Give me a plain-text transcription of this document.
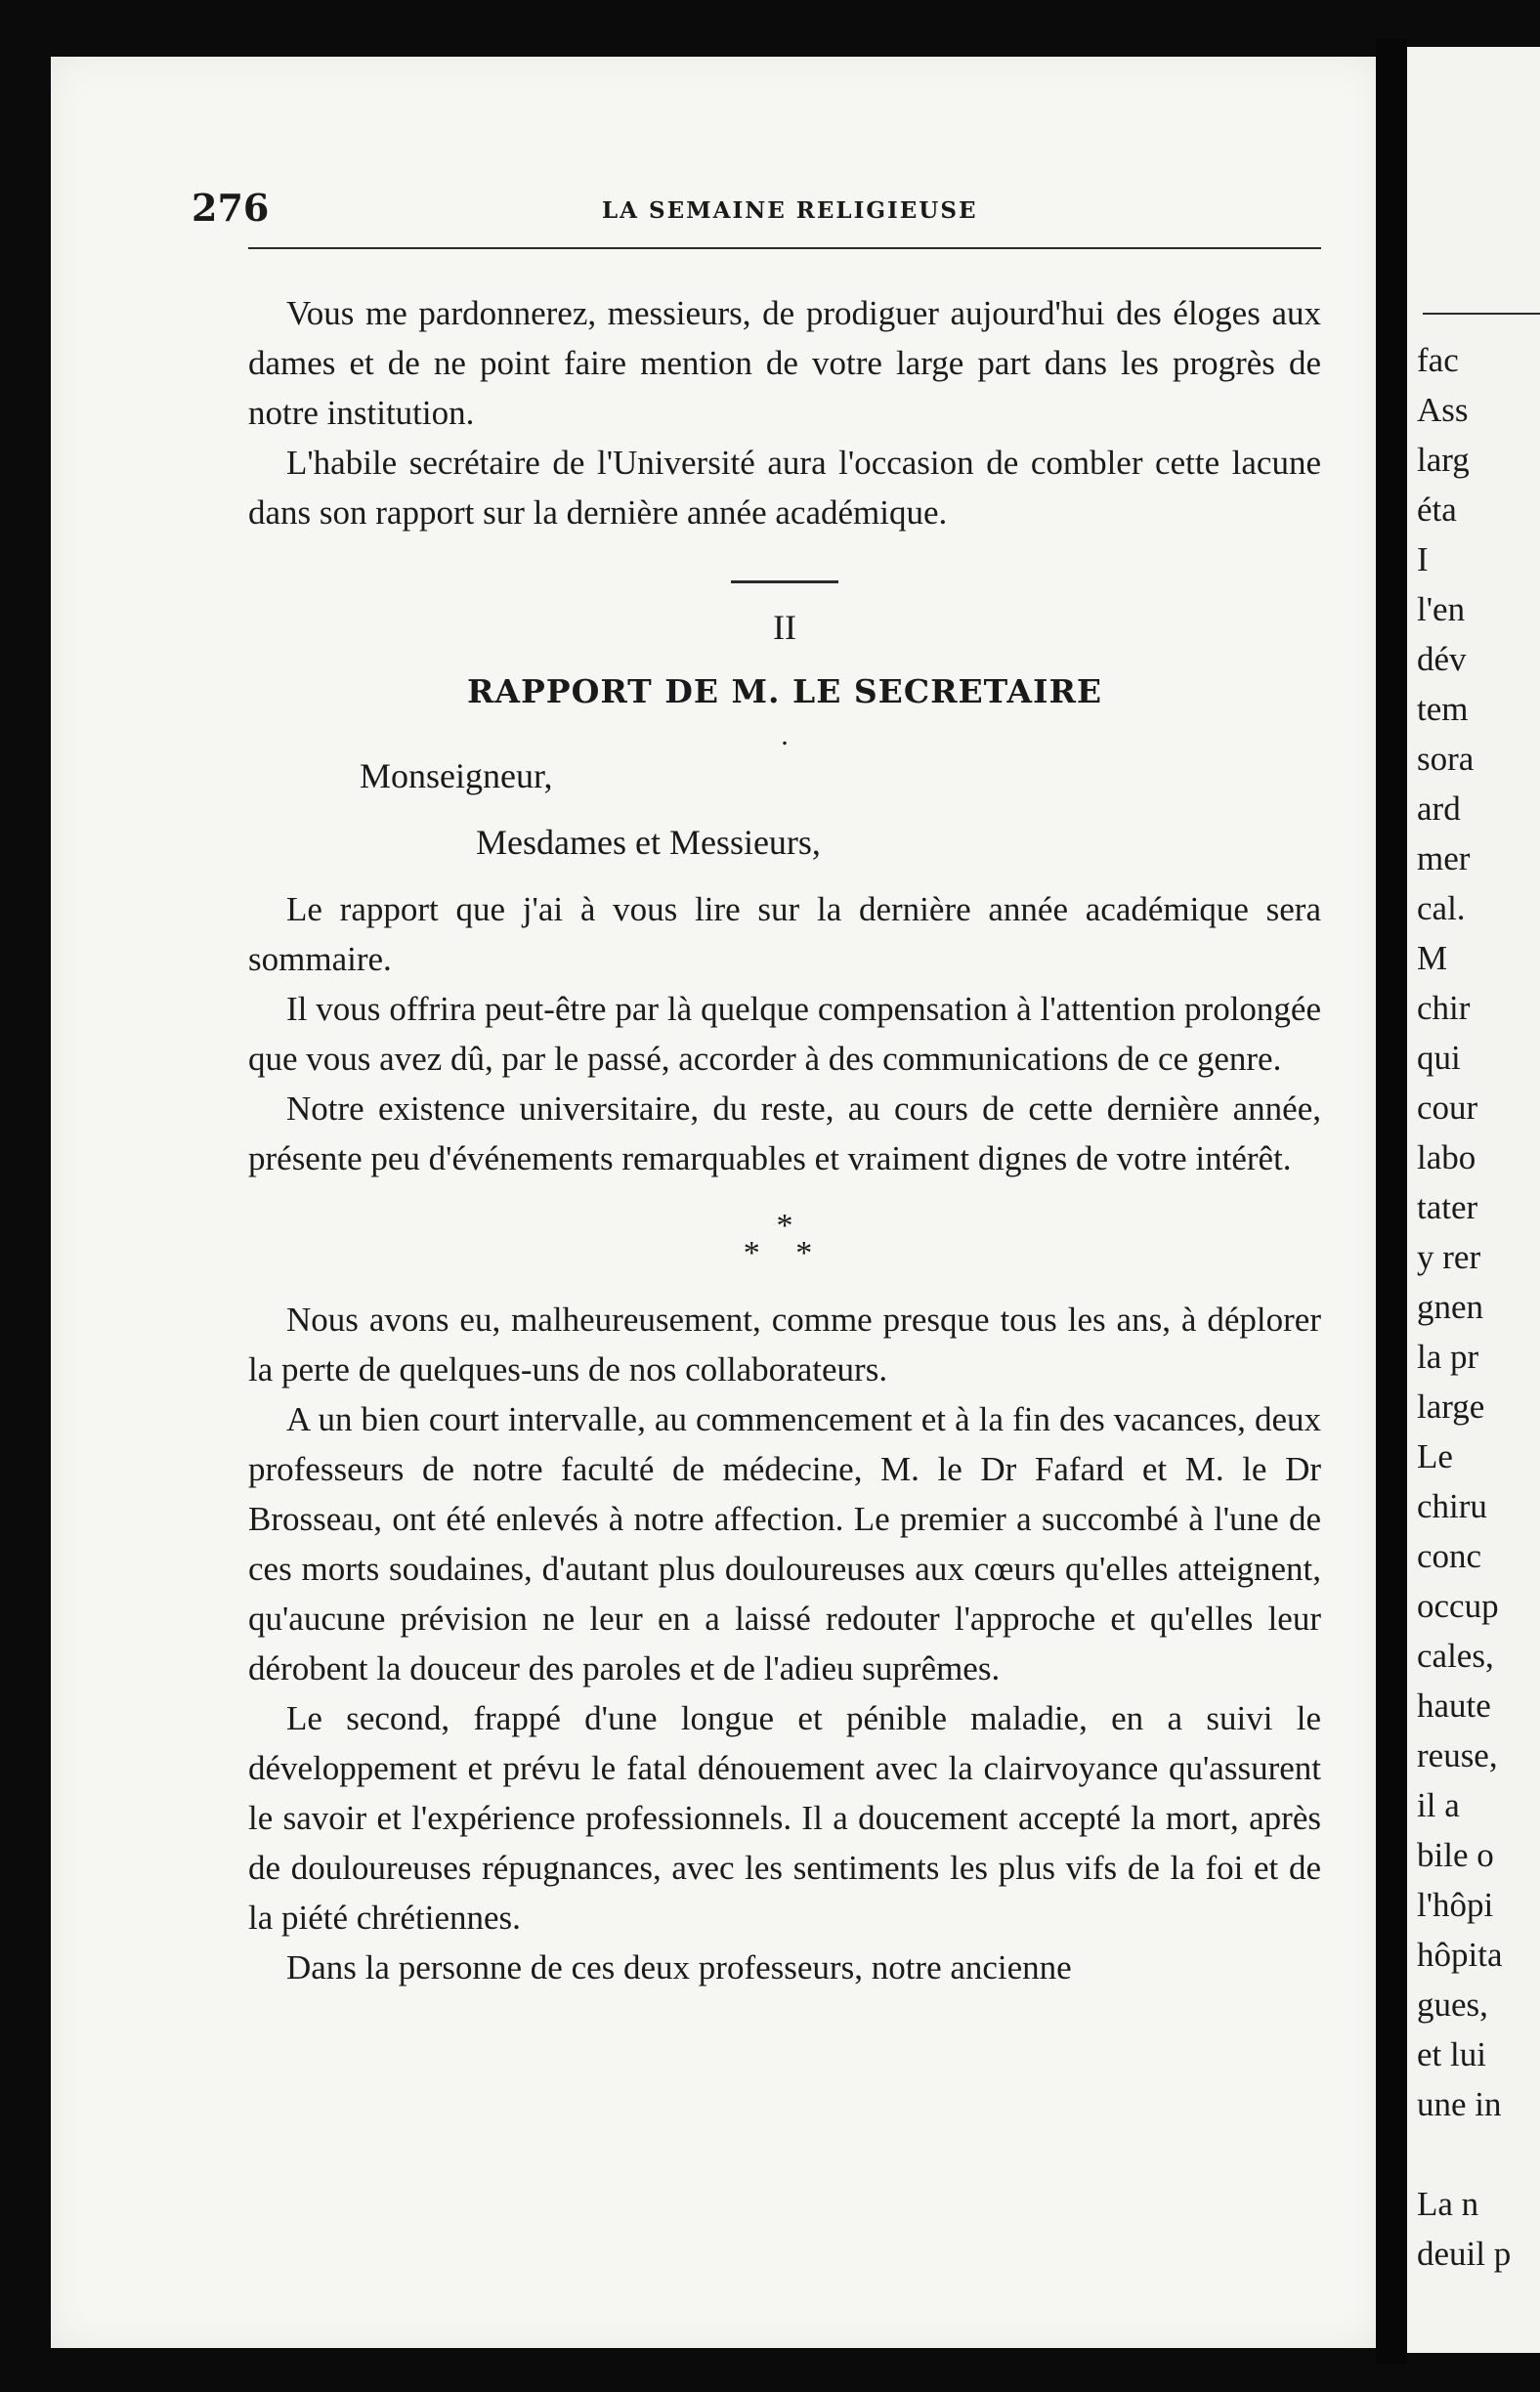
276	LA SEMAINE RELIGIEUSE

Vous me pardonnerez, messieurs, de prodiguer aujourd'hui des éloges aux dames et de ne point faire mention de votre large part dans les progrès de notre institution.

L'habile secrétaire de l'Université aura l'occasion de combler cette lacune dans son rapport sur la dernière année académique.

II
RAPPORT DE M. LE SECRETAIRE
.
Monseigneur,
Mesdames et Messieurs,

Le rapport que j'ai à vous lire sur la dernière année académique sera sommaire.

Il vous offrira peut-être par là quelque compensation à l'attention prolongée que vous avez dû, par le passé, accorder à des communications de ce genre.

Notre existence universitaire, du reste, au cours de cette dernière année, présente peu d'événements remarquables et vraiment dignes de votre intérêt.

*
* *

Nous avons eu, malheureusement, comme presque tous les ans, à déplorer la perte de quelques-uns de nos collaborateurs.

A un bien court intervalle, au commencement et à la fin des vacances, deux professeurs de notre faculté de médecine, M. le Dr Fafard et M. le Dr Brosseau, ont été enlevés à notre affection. Le premier a succombé à l'une de ces morts soudaines, d'autant plus douloureuses aux cœurs qu'elles atteignent, qu'aucune prévision ne leur en a laissé redouter l'approche et qu'elles leur dérobent la douceur des paroles et de l'adieu suprêmes.

Le second, frappé d'une longue et pénible maladie, en a suivi le développement et prévu le fatal dénouement avec la clairvoyance qu'assurent le savoir et l'expérience professionnels. Il a doucement accepté la mort, après de douloureuses répugnances, avec les sentiments les plus vifs de la foi et de la piété chrétiennes.

Dans la personne de ces deux professeurs, notre ancienne

fac
Ass
larg
éta
I
l'en
dév
tem
sora
ard
mer
cal.
M
chir
qui
cour
labo
tater
y rer
gnen
la pr
large
Le
chiru
conc
occup
cales,
haute
reuse,
il a
bile o
l'hôpi
hôpita
gues,
et lui
une in

La n
deuil p
